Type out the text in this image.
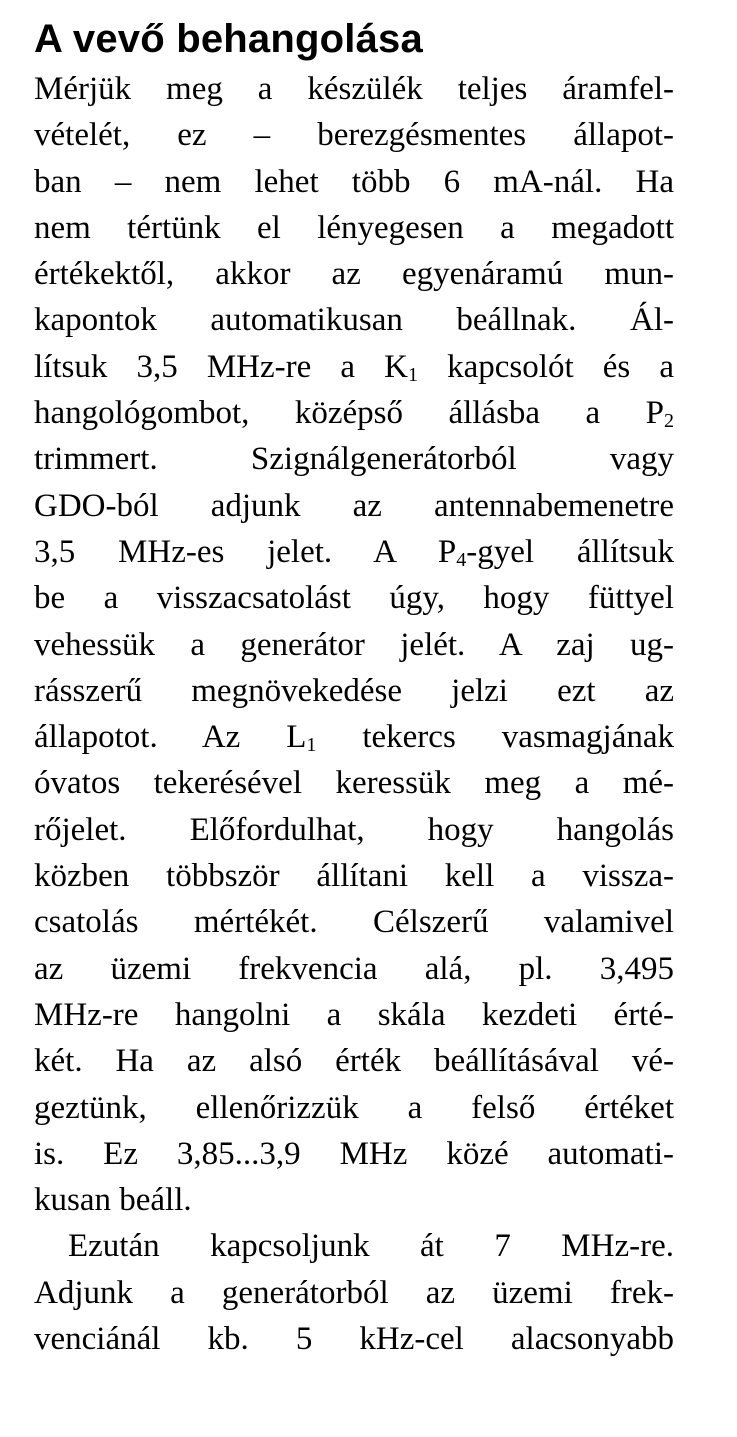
A vevő behangolása
Mérjük meg a készülék teljes áramfel-
vételét, ez – berezgésmentes állapot-
ban – nem lehet több 6 mA-nál. Ha
nem tértünk el lényegesen a megadott
értékektől, akkor az egyenáramú mun-
kapontok automatikusan beállnak. Ál-
lítsuk 3,5 MHz-re a $K_1$ kapcsolót és a
hangológombot, középső állásba a $P_2$
trimmert. Szignálgenerátorból vagy
GDO-ból adjunk az antennabemenetre
3,5 MHz-es jelet. A $P_4$-gyel állítsuk
be a visszacsatolást úgy, hogy füttyel
vehessük a generátor jelét. A zaj ug-
rásszerű megnövekedése jelzi ezt az
állapotot. Az $L_1$ tekercs vasmagjának
óvatos tekerésével keressük meg a mé-
rőjelet. Előfordulhat, hogy hangolás
közben többször állítani kell a vissza-
csatolás mértékét. Célszerű valamivel
az üzemi frekvencia alá, pl. 3,495
MHz-re hangolni a skála kezdeti érté-
két. Ha az alsó érték beállításával vé-
geztünk, ellenőrizzük a felső értéket
is. Ez 3,85...3,9 MHz közé automati-
kusan beáll.
Ezután kapcsoljunk át 7 MHz-re.
Adjunk a generátorból az üzemi frek-
venciánál kb. 5 kHz-cel alacsonyabb
